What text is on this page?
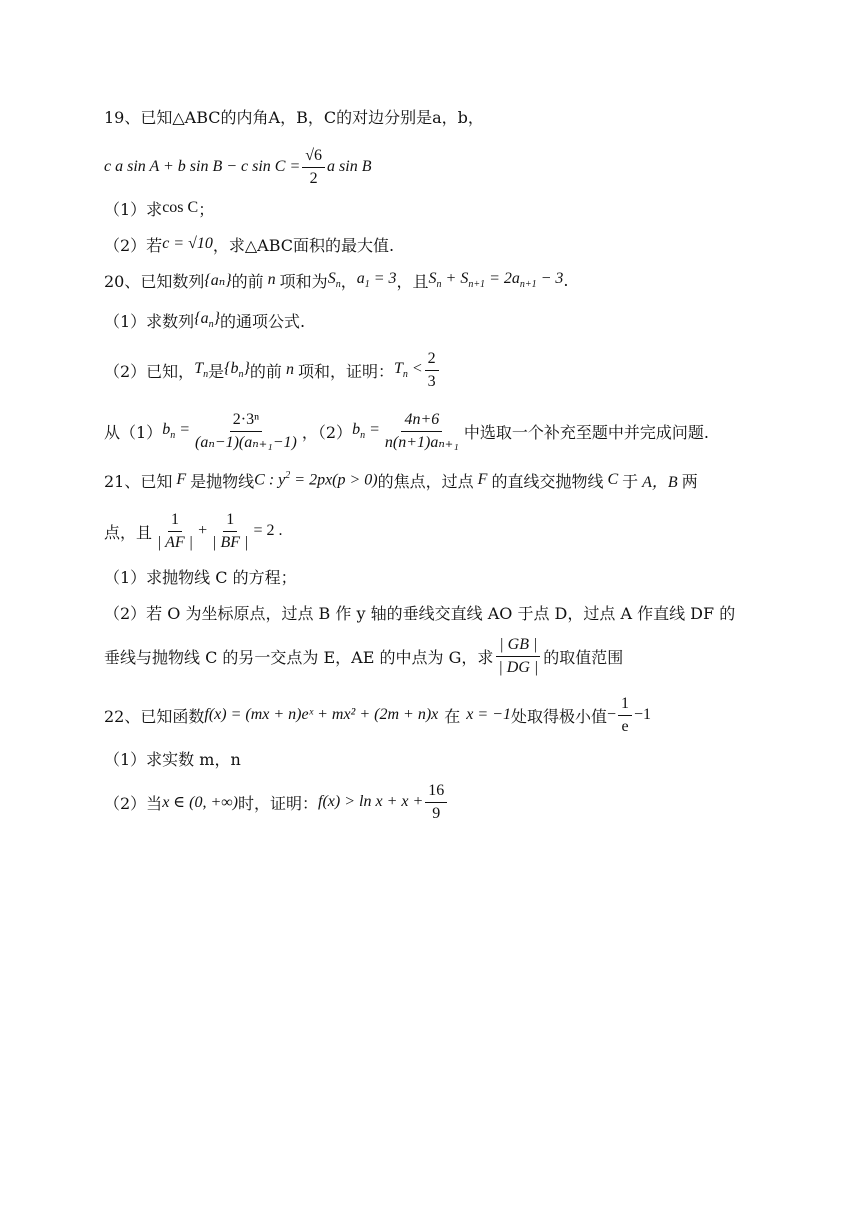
19、已知△ABC的内角A，B，C的对边分别是a，b，
c a sin A + b sin B − c $\sin C = \frac{√6}{2}$ a sin B
（1）求 cos C ；
（2）若 c = √10 ，求△ABC面积的最大值.
20、已知数列 {aₙ} 的前 n 项和为 $S_n$ ， $a_1 = 3$ ，且 $S_n + S_{n+1} = 2a_{n+1} - 3$ .
（1）求数列 $\{a_n\}$ 的通项公式.
（2）已知， $T_n$ 是 $\{b_n\}$ 的前 n 项和，证明： $T_n < \frac{2}{3}$
从（1） $b_n = \frac{\text{2·3ⁿ}}{\text{(aₙ−1)(aₙ₊₁−1)}}$ ，（2） $b_n = \frac{4n+6}{\text{n(n+1)aₙ₊₁}}$ 中选取一个补充至题中并完成问题.
21、已知 F 是抛物线 C : $y^2 = 2px(p > 0)$ 的焦点，过点 F 的直线交抛物线 C 于 A，B 两
点，且 $\frac{1}{| AF |} + \frac{1}{| BF |} = 2$ .
（1）求抛物线 C 的方程；
（2）若 O 为坐标原点，过点 B 作 y 轴的垂线交直线 AO 于点 D，过点 A 作直线 DF 的
垂线与抛物线 C 的另一交点为 E，AE 的中点为 G，求 $\frac{| GB |}{| DG |}$ 的取值范围
22、已知函数 f(x) = (mx + n)eˣ + mx² + (2m + n)x 在 x = −1 处取得极小值 − $\frac{1}{e} -1$
（1）求实数 m，n
（2）当 x ∈ (0, +∞) 时，证明： $f(x) > \ln x + x + \frac{16}{9}$
